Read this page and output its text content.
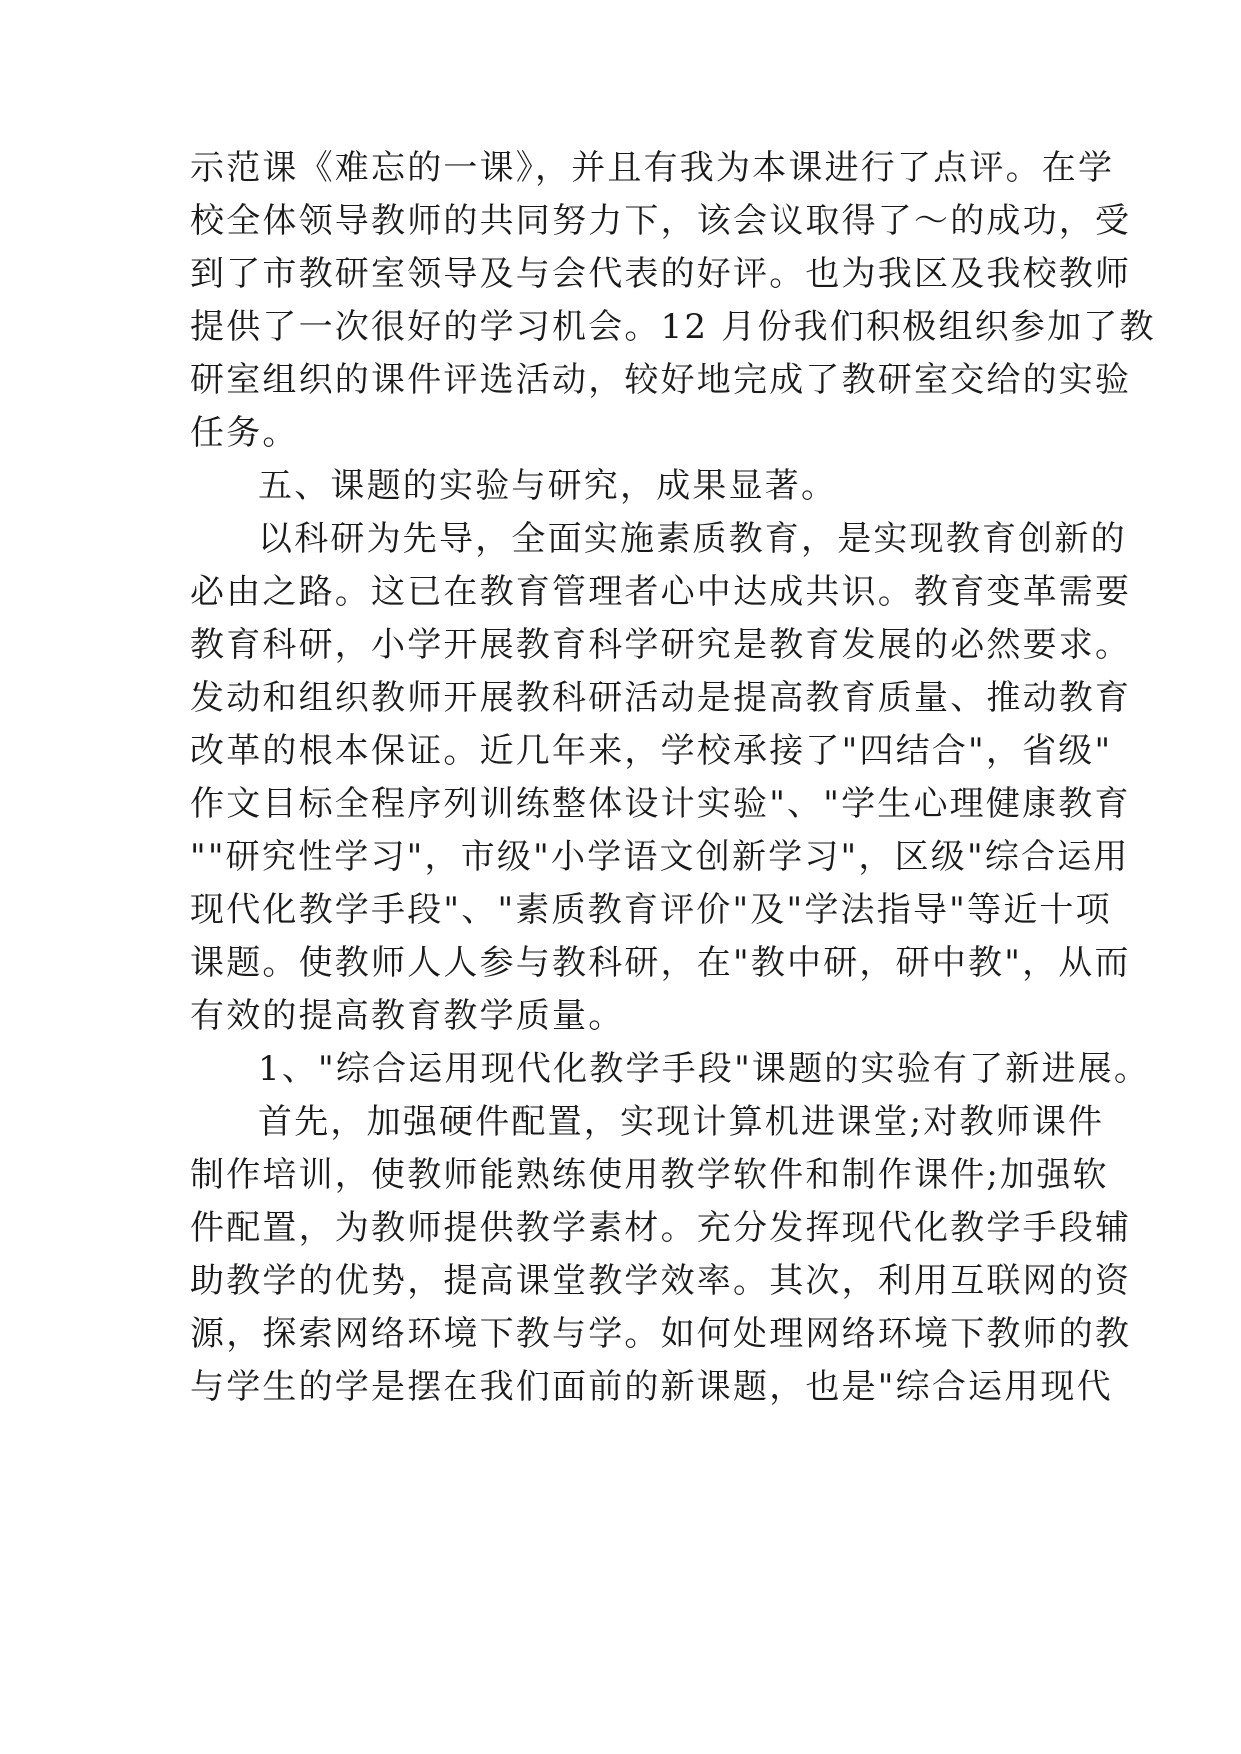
示范课《难忘的一课》，并且有我为本课进行了点评。在学
校全体领导教师的共同努力下，该会议取得了～的成功，受
到了市教研室领导及与会代表的好评。也为我区及我校教师
提供了一次很好的学习机会。12 月份我们积极组织参加了教
研室组织的课件评选活动，较好地完成了教研室交给的实验
任务。
五、课题的实验与研究，成果显著。
以科研为先导，全面实施素质教育，是实现教育创新的
必由之路。这已在教育管理者心中达成共识。教育变革需要
教育科研，小学开展教育科学研究是教育发展的必然要求。
发动和组织教师开展教科研活动是提高教育质量、推动教育
改革的根本保证。近几年来，学校承接了"四结合"，省级"
作文目标全程序列训练整体设计实验"、"学生心理健康教育
""研究性学习"，市级"小学语文创新学习"，区级"综合运用
现代化教学手段"、"素质教育评价"及"学法指导"等近十项
课题。使教师人人参与教科研，在"教中研，研中教"，从而
有效的提高教育教学质量。
1、"综合运用现代化教学手段"课题的实验有了新进展。
首先，加强硬件配置，实现计算机进课堂;对教师课件
制作培训，使教师能熟练使用教学软件和制作课件;加强软
件配置，为教师提供教学素材。充分发挥现代化教学手段辅
助教学的优势，提高课堂教学效率。其次，利用互联网的资
源，探索网络环境下教与学。如何处理网络环境下教师的教
与学生的学是摆在我们面前的新课题，也是"综合运用现代
